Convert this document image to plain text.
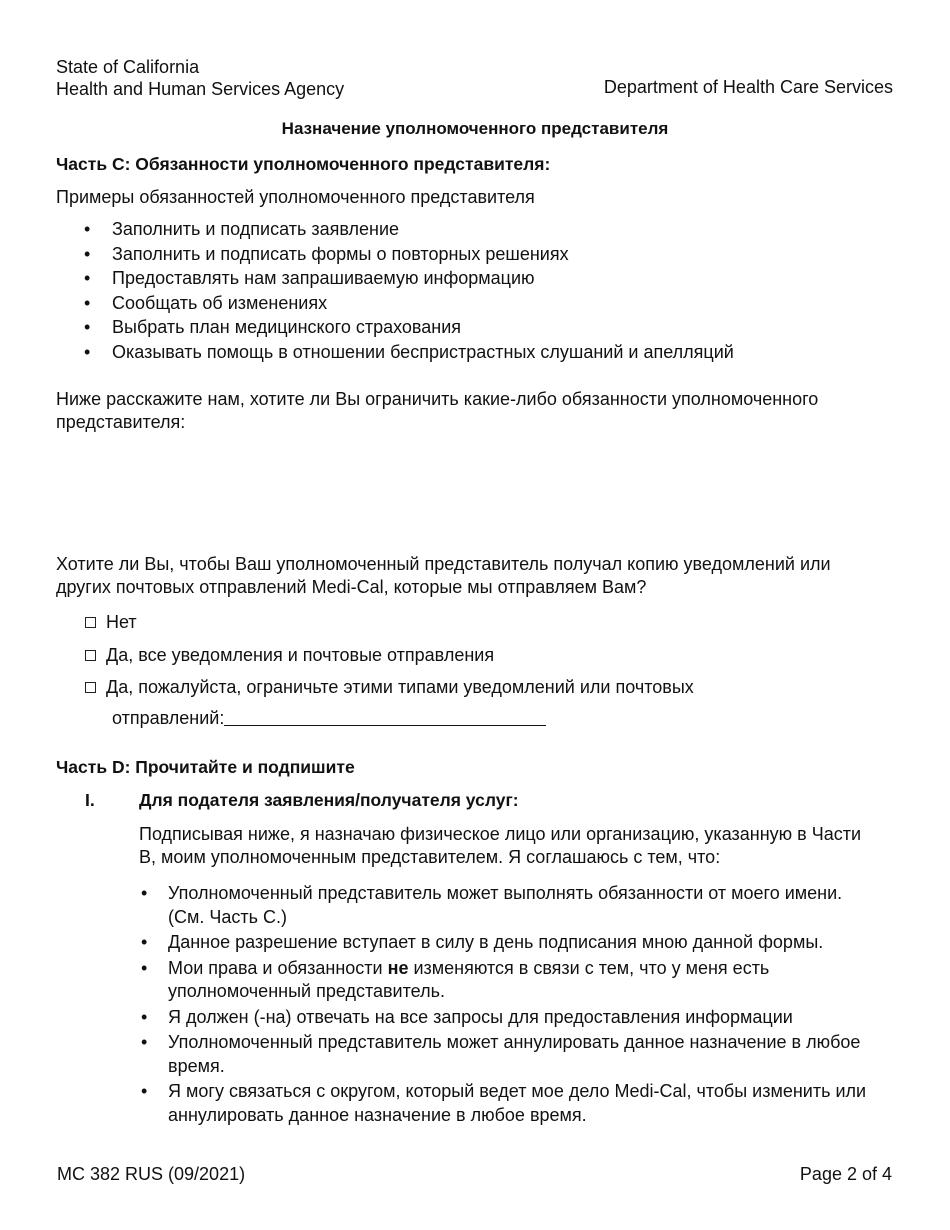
State of California
Health and Human Services Agency	Department of Health Care Services
Назначение уполномоченного представителя
Часть C: Обязанности уполномоченного представителя:
Примеры обязанностей уполномоченного представителя
• Заполнить и подписать заявление
• Заполнить и подписать формы о повторных решениях
• Предоставлять нам запрашиваемую информацию
• Сообщать об изменениях
• Выбрать план медицинского страхования
• Оказывать помощь в отношении беспристрастных слушаний и апелляций
Ниже расскажите нам, хотите ли Вы ограничить какие-либо обязанности уполномоченного
представителя:
Хотите ли Вы, чтобы Ваш уполномоченный представитель получал копию уведомлений или
других почтовых отправлений Medi-Cal, которые мы отправляем Вам?
Нет
Да, все уведомления и почтовые отправления
Да, пожалуйста, ограничьте этими типами уведомлений или почтовых
отправлений:
Часть D: Прочитайте и подпишите
I.	Для подателя заявления/получателя услуг:
Подписывая ниже, я назначаю физическое лицо или организацию, указанную в Части
B, моим уполномоченным представителем. Я соглашаюсь с тем, что:
• Уполномоченный представитель может выполнять обязанности от моего имени.
(См. Часть C.)
• Данное разрешение вступает в силу в день подписания мною данной формы.
• Мои права и обязанности не изменяются в связи с тем, что у меня есть
уполномоченный представитель.
• Я должен (-на) отвечать на все запросы для предоставления информации
• Уполномоченный представитель может аннулировать данное назначение в любое
время.
• Я могу связаться с округом, который ведет мое дело Medi-Cal, чтобы изменить или
аннулировать данное назначение в любое время.
MC 382 RUS (09/2021)	Page 2 of 4
